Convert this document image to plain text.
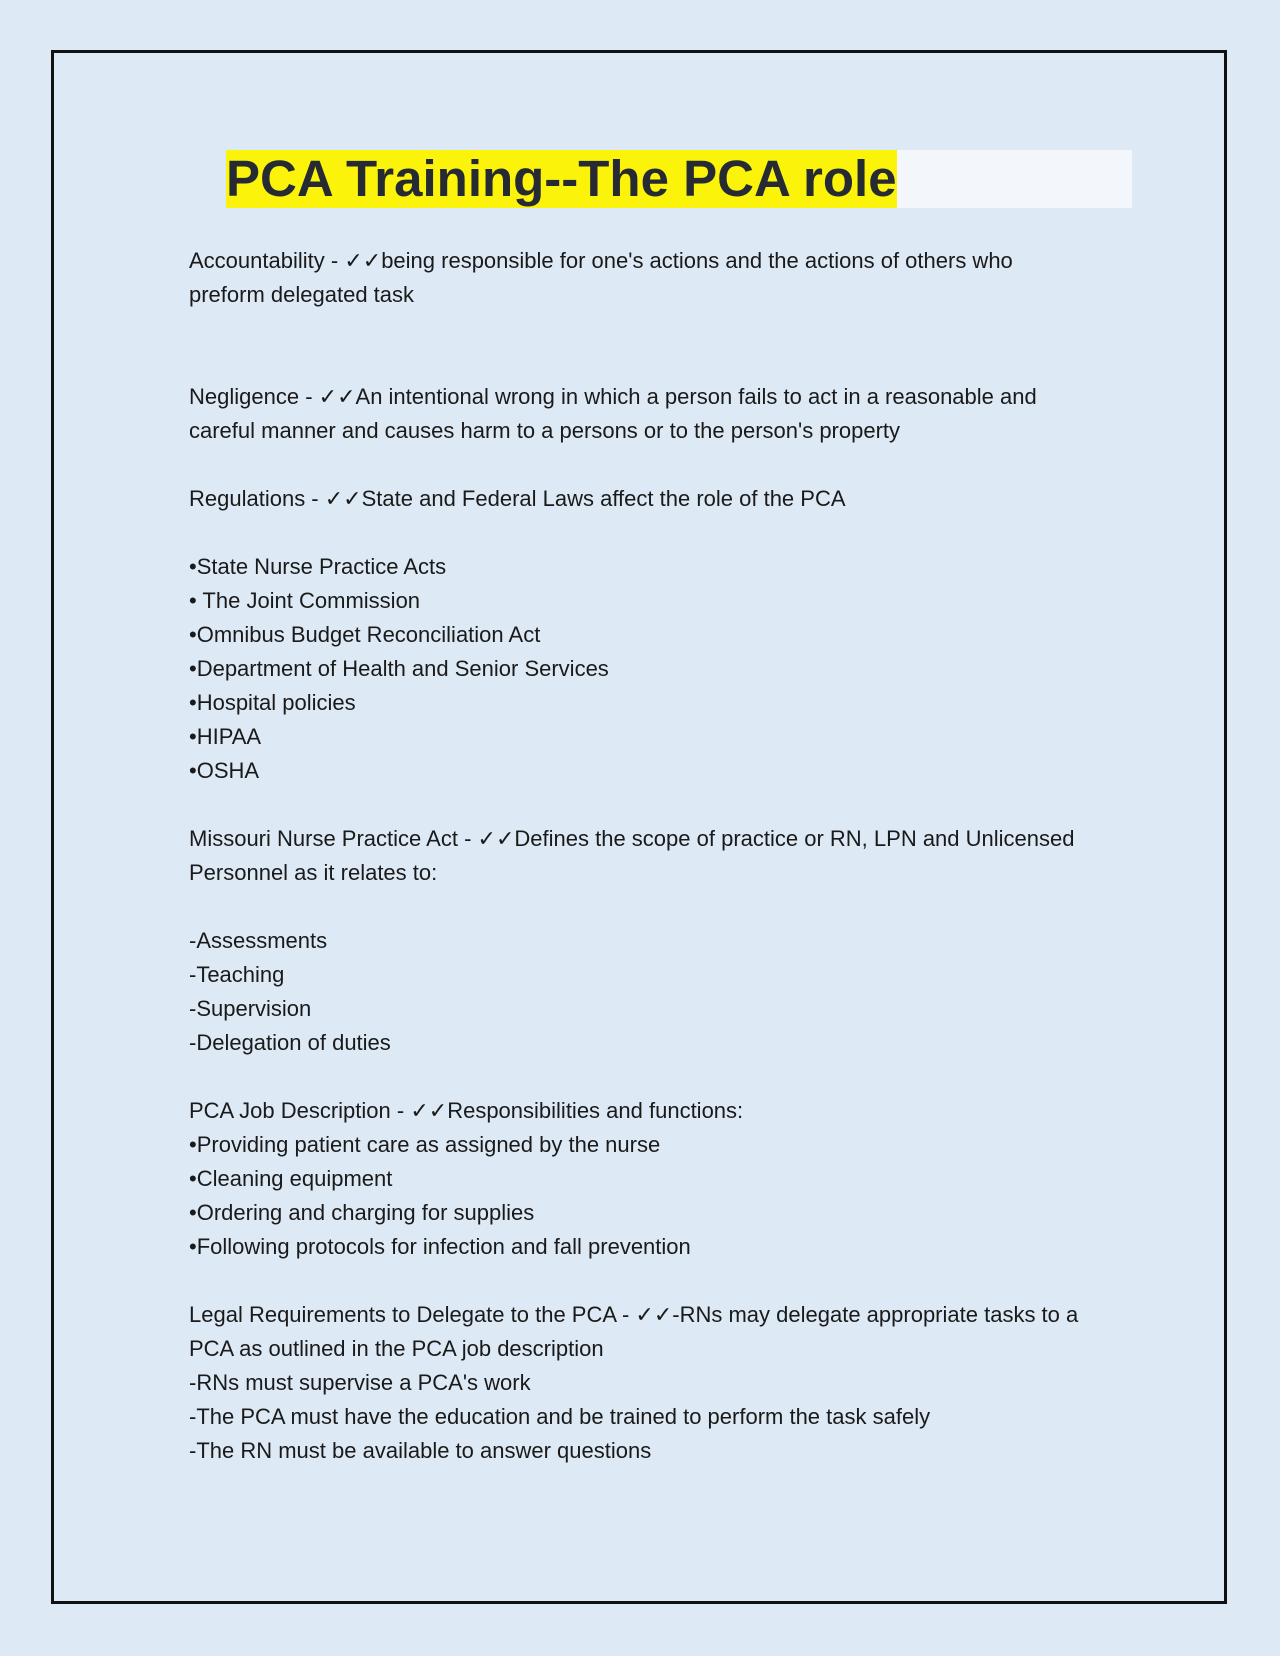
PCA Training--The PCA role
Accountability - ✓✓being responsible for one's actions and the actions of others who
preform delegated task
Negligence - ✓✓An intentional wrong in which a person fails to act in a reasonable and
careful manner and causes harm to a persons or to the person's property
Regulations - ✓✓State and Federal Laws affect the role of the PCA
•State Nurse Practice Acts
• The Joint Commission
•Omnibus Budget Reconciliation Act
•Department of Health and Senior Services
•Hospital policies
•HIPAA
•OSHA
Missouri Nurse Practice Act - ✓✓Defines the scope of practice or RN, LPN and Unlicensed
Personnel as it relates to:
-Assessments
-Teaching
-Supervision
-Delegation of duties
PCA Job Description - ✓✓Responsibilities and functions:
•Providing patient care as assigned by the nurse
•Cleaning equipment
•Ordering and charging for supplies
•Following protocols for infection and fall prevention
Legal Requirements to Delegate to the PCA - ✓✓-RNs may delegate appropriate tasks to a
PCA as outlined in the PCA job description
-RNs must supervise a PCA's work
-The PCA must have the education and be trained to perform the task safely
-The RN must be available to answer questions
